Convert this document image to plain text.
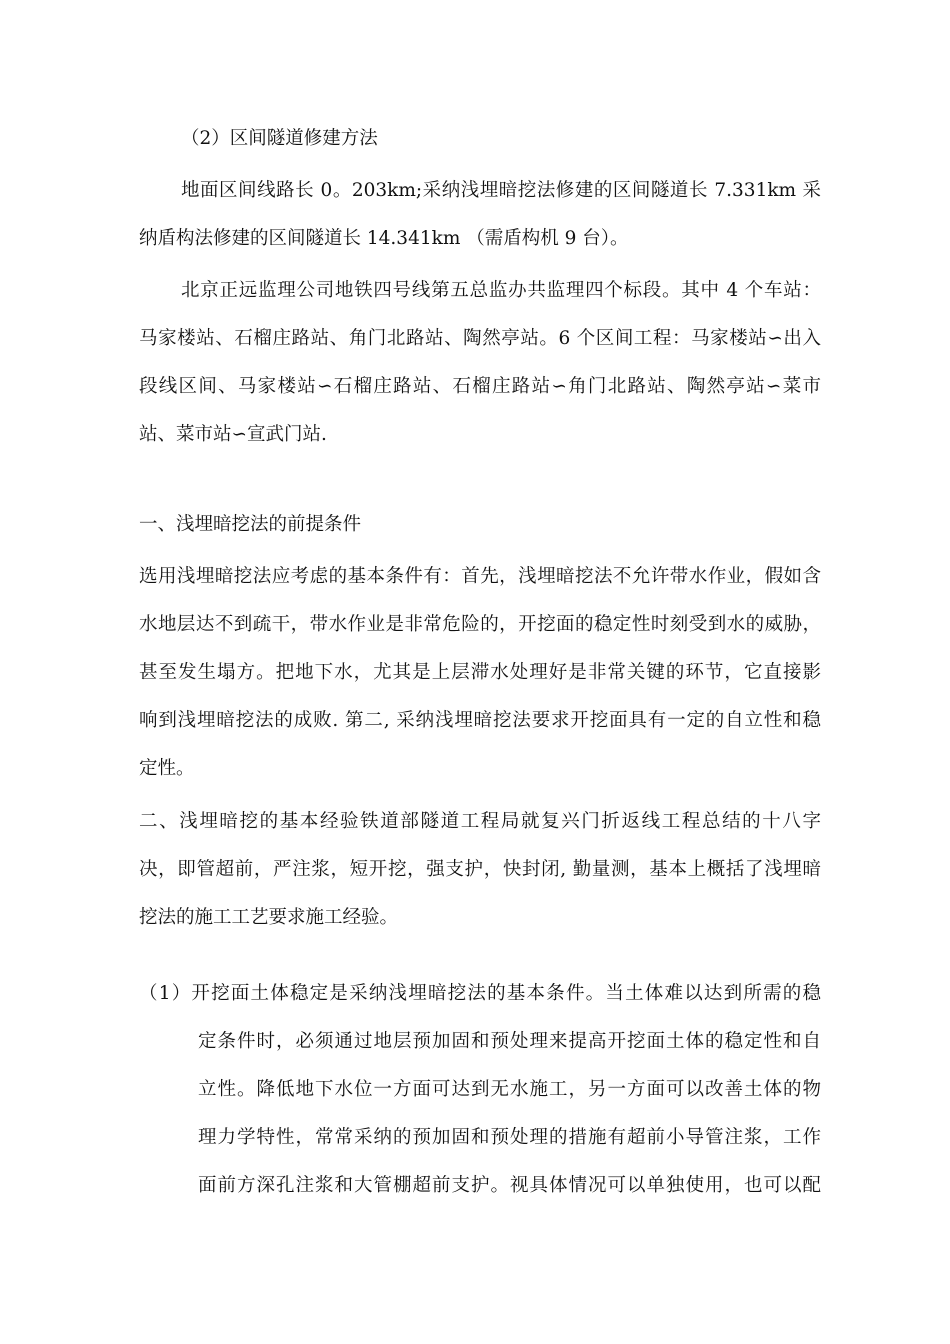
（2）区间隧道修建方法

地面区间线路长 0。203km;采纳浅埋暗挖法修建的区间隧道长 7.331km 采
纳盾构法修建的区间隧道长 14.341km （需盾构机 9 台）。

北京正远监理公司地铁四号线第五总监办共监理四个标段。其中 4 个车站：
马家楼站、石榴庄路站、角门北路站、陶然亭站。6 个区间工程：马家楼站∽出入
段线区间、马家楼站∽石榴庄路站、石榴庄路站∽角门北路站、陶然亭站∽菜市
站、菜市站∽宣武门站.

一、浅埋暗挖法的前提条件

选用浅埋暗挖法应考虑的基本条件有：首先，浅埋暗挖法不允许带水作业，假如含
水地层达不到疏干，带水作业是非常危险的，开挖面的稳定性时刻受到水的威胁，
甚至发生塌方。把地下水，尤其是上层滞水处理好是非常关键的环节，它直接影
响到浅埋暗挖法的成败. 第二, 采纳浅埋暗挖法要求开挖面具有一定的自立性和稳
定性。

二、浅埋暗挖的基本经验铁道部隧道工程局就复兴门折返线工程总结的十八字
决，即管超前，严注浆，短开挖，强支护，快封闭, 勤量测，基本上概括了浅埋暗
挖法的施工工艺要求施工经验。

（1）开挖面土体稳定是采纳浅埋暗挖法的基本条件。当土体难以达到所需的稳
定条件时，必须通过地层预加固和预处理来提高开挖面土体的稳定性和自
立性。降低地下水位一方面可达到无水施工，另一方面可以改善土体的物
理力学特性，常常采纳的预加固和预处理的措施有超前小导管注浆，工作
面前方深孔注浆和大管棚超前支护。视具体情况可以单独使用，也可以配
